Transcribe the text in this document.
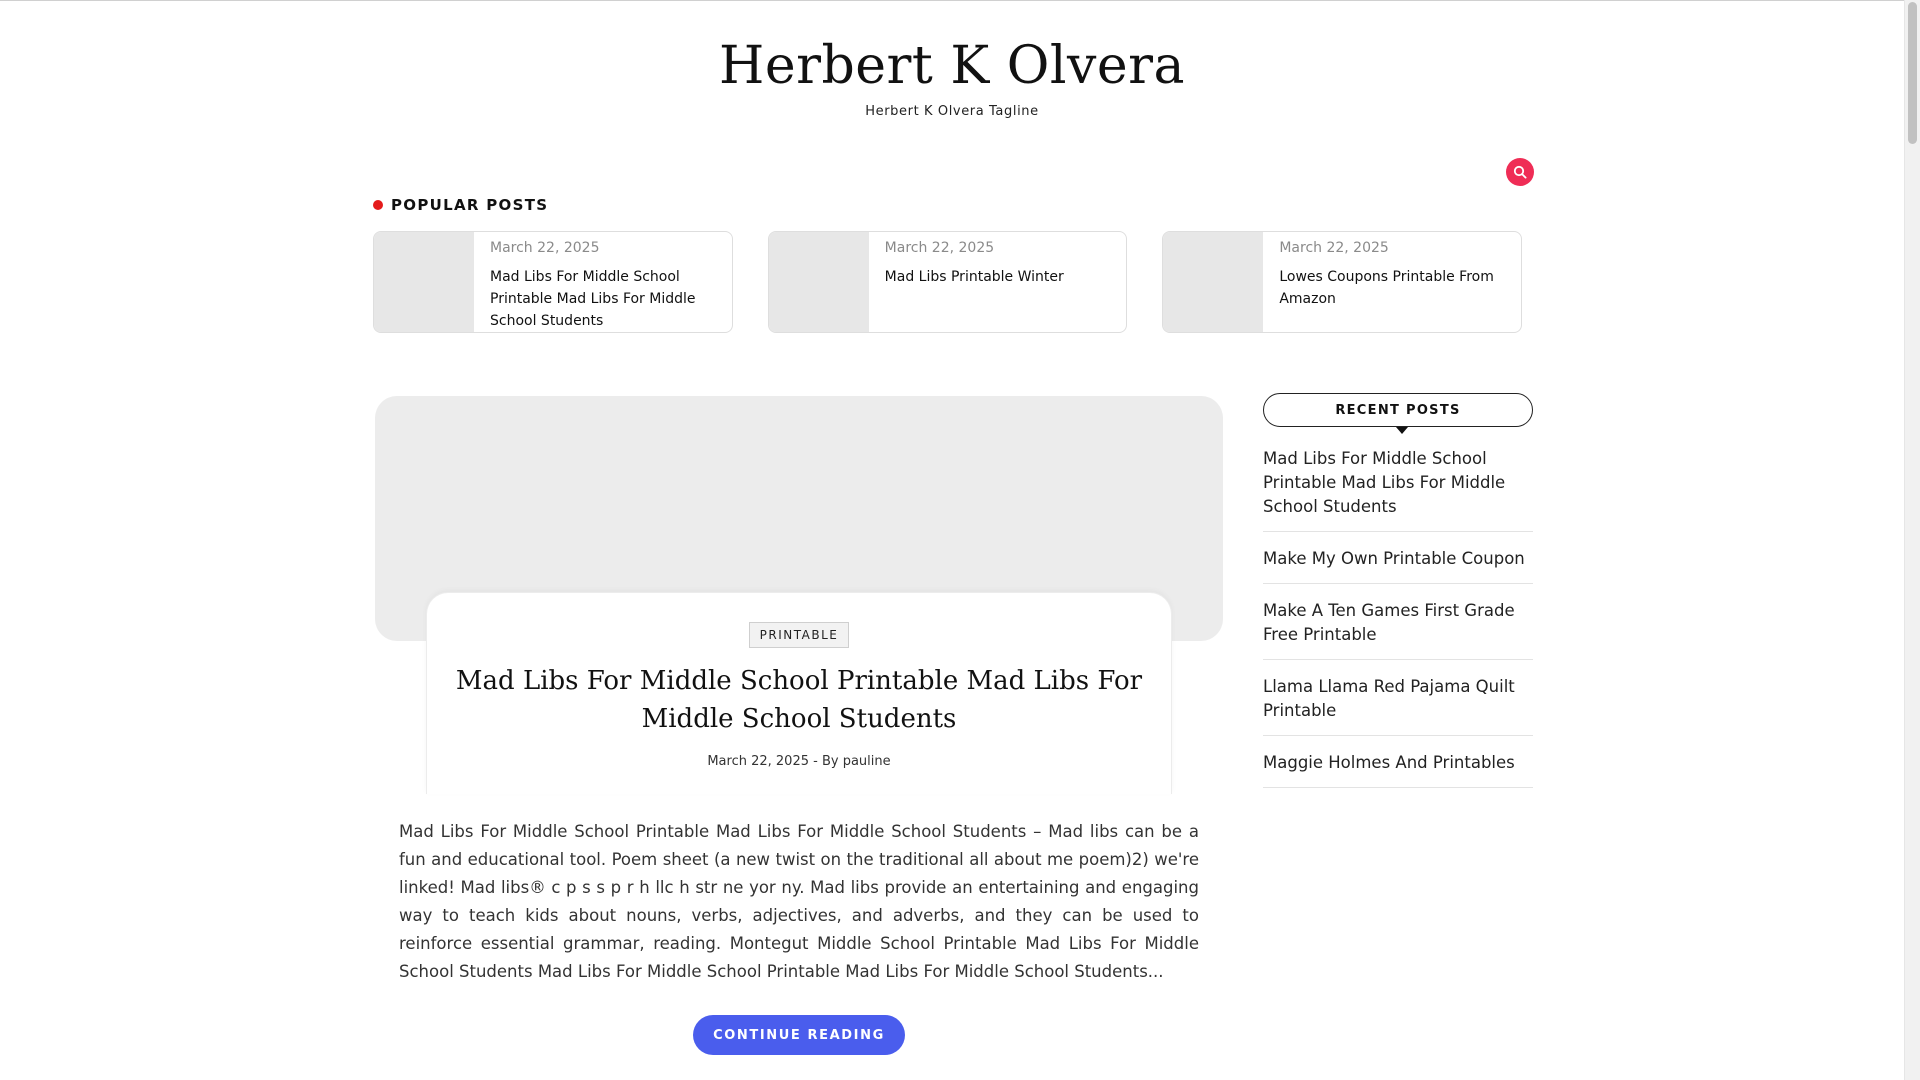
Herbert K Olvera
Herbert K Olvera Tagline
POPULAR POSTS
March 22, 2025
Mad Libs For Middle School Printable Mad Libs For Middle School Students
March 22, 2025
Mad Libs Printable Winter
March 22, 2025
Lowes Coupons Printable From Amazon
PRINTABLE
Mad Libs For Middle School Printable Mad Libs For Middle School Students
March 22, 2025 - By pauline

Mad Libs For Middle School Printable Mad Libs For Middle School Students – Mad libs can be a fun and educational tool. Poem sheet (a new twist on the traditional all about me poem)2) we're linked! Mad libs® c p s s p r h llc h str ne yor ny. Mad libs provide an entertaining and engaging way to teach kids about nouns, verbs, adjectives, and adverbs, and they can be used to reinforce essential grammar, reading. Montegut Middle School Printable Mad Libs For Middle School Students Mad Libs For Middle School Printable Mad Libs For Middle School Students...

CONTINUE READING
RECENT POSTS
Mad Libs For Middle School Printable Mad Libs For Middle School Students
Make My Own Printable Coupon
Make A Ten Games First Grade Free Printable
Llama Llama Red Pajama Quilt Printable
Maggie Holmes And Printables
